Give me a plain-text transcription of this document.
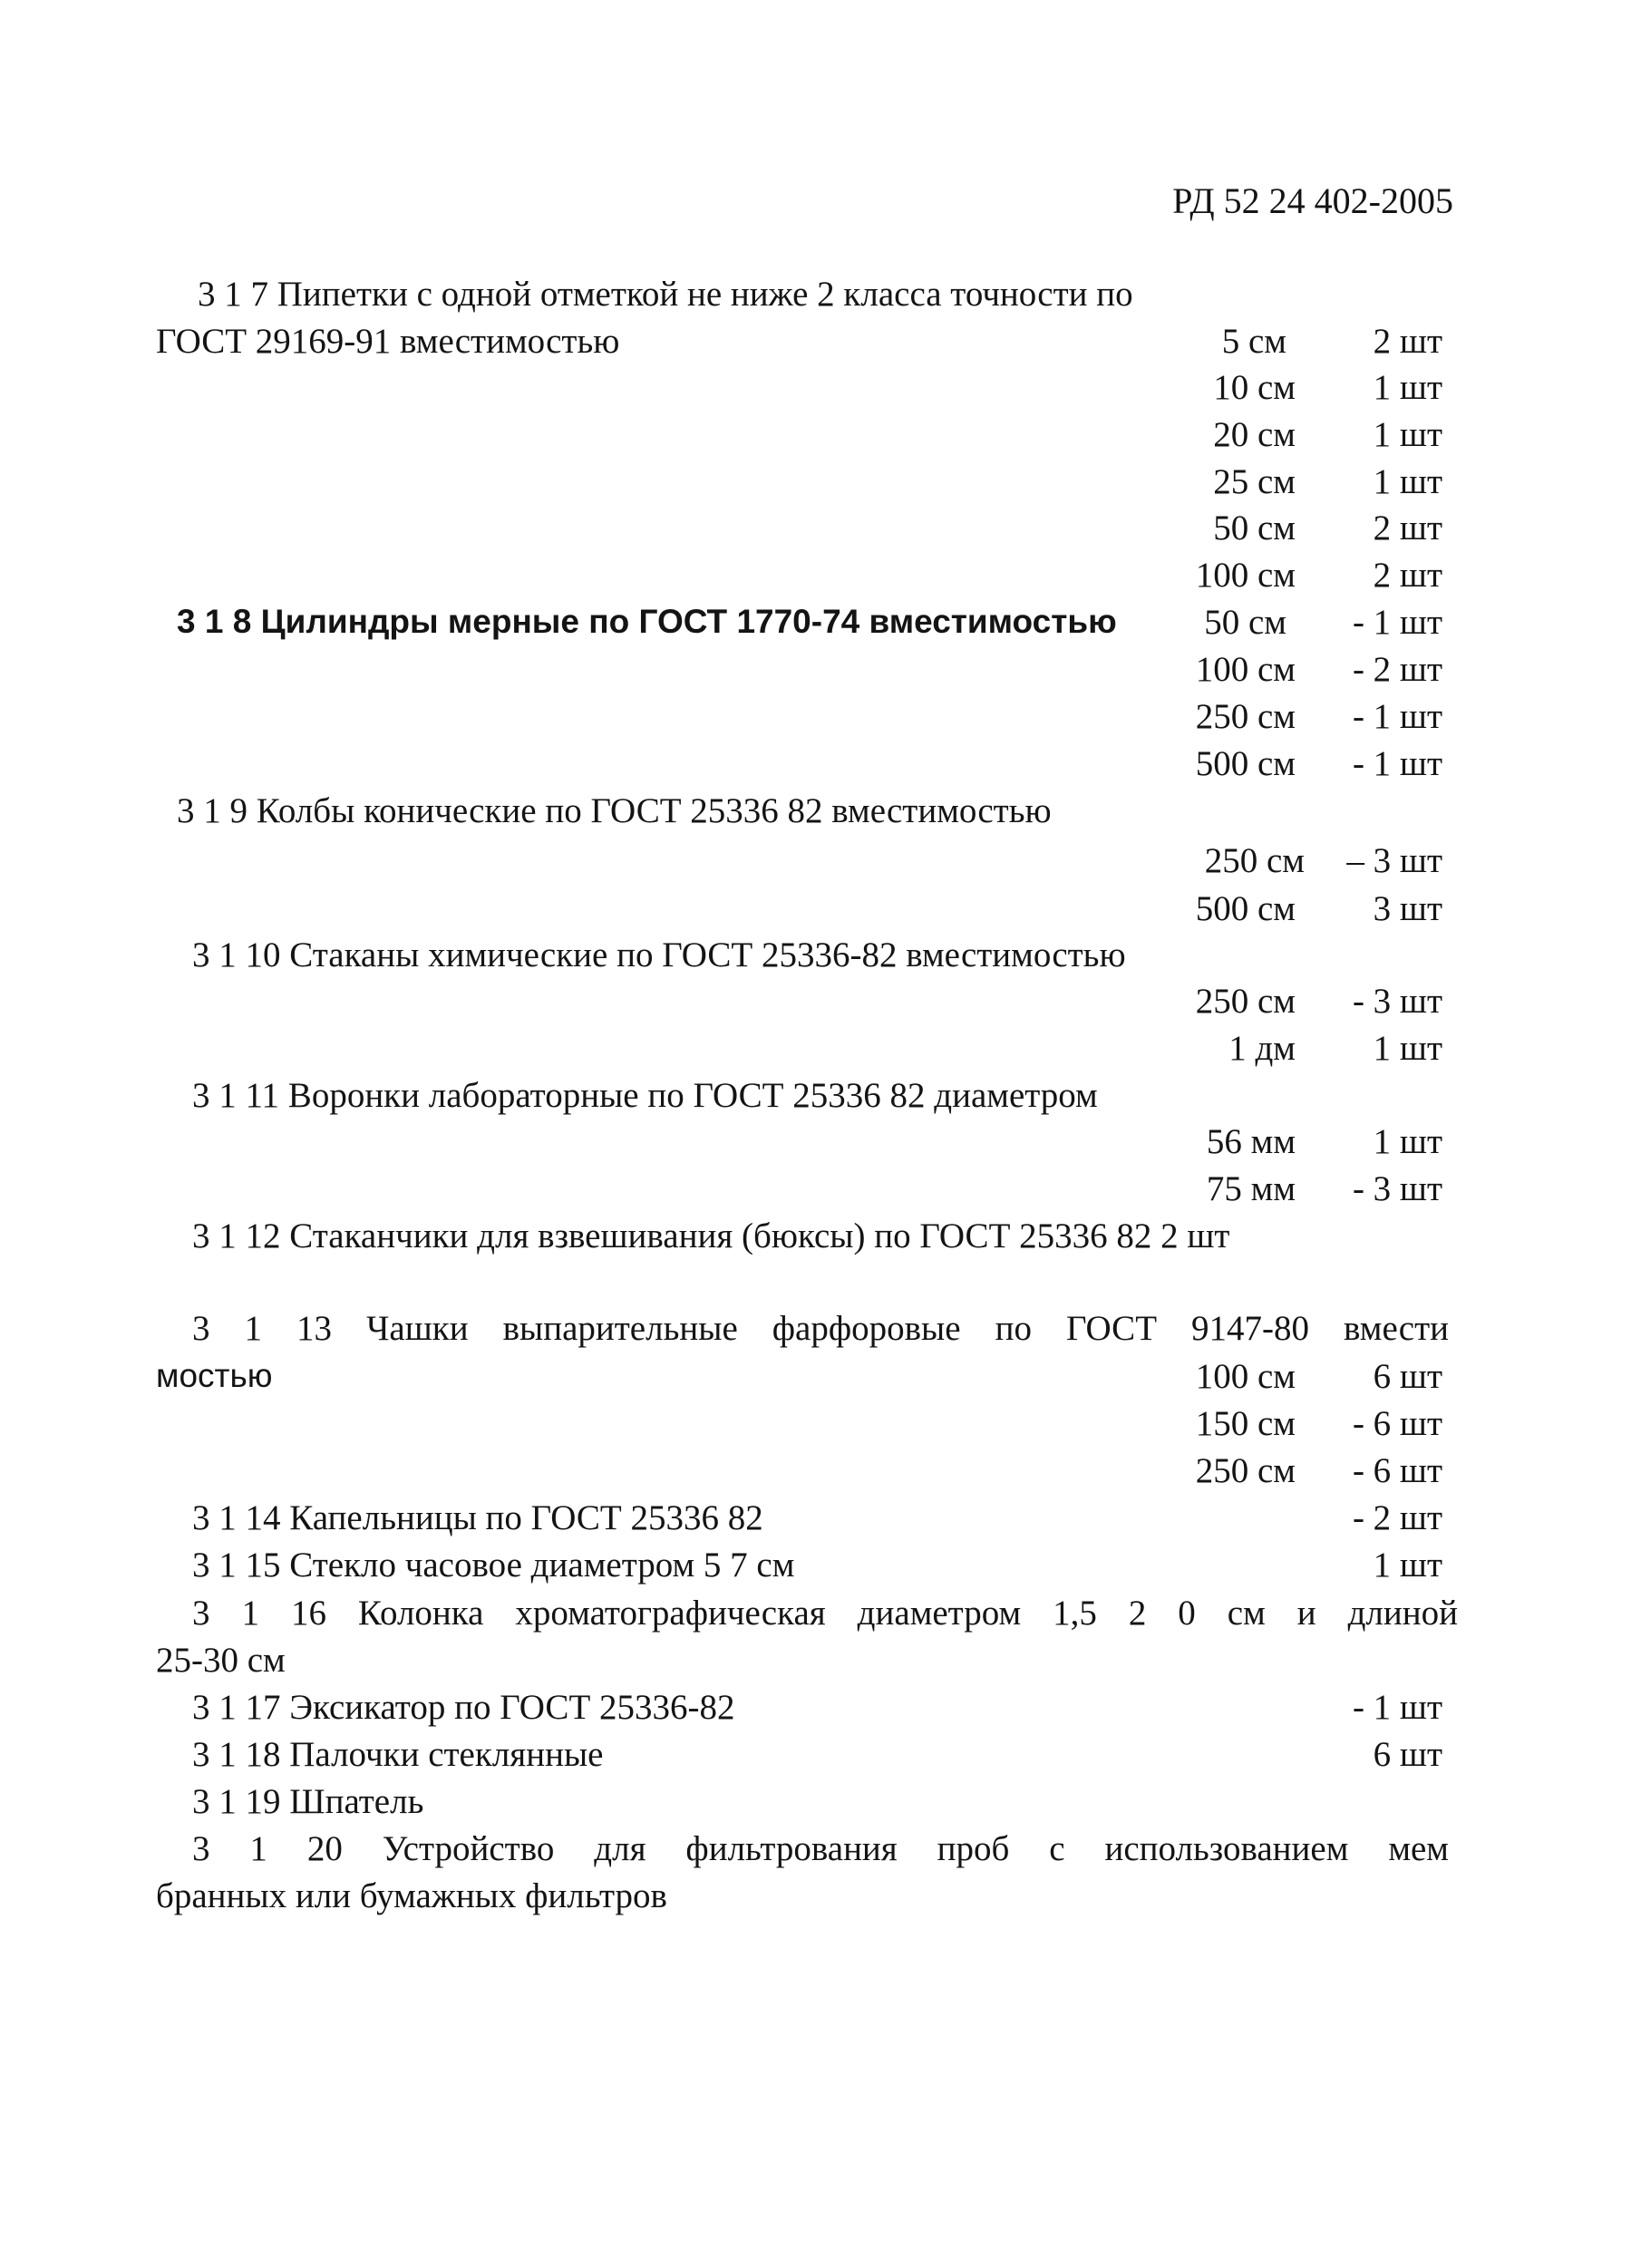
РД 52 24 402-2005
3 1 7 Пипетки с одной отметкой не ниже 2 класса точности по
ГОСТ 29169-91 вместимостью	5 см 2 шт
10 см 1 шт
20 см 1 шт
25 см 1 шт
50 см 2 шт
100 см 2 шт
3 1 8 Цилиндры мерные по ГОСТ 1770-74 вместимостью 50 см - 1 шт
100 см - 2 шт
250 см - 1 шт
500 см - 1 шт
3 1 9 Колбы конические по ГОСТ 25336 82 вместимостью
250 см – 3 шт
500 см 3 шт
3 1 10 Стаканы химические по ГОСТ 25336-82 вместимостью
250 см - 3 шт
1 дм 1 шт
3 1 11 Воронки лабораторные по ГОСТ 25336 82 диаметром
56 мм 1 шт
75 мм - 3 шт
3 1 12 Стаканчики для взвешивания (бюксы) по ГОСТ 25336 82 2 шт
3 1 13 Чашки выпарительные фарфоровые по ГОСТ 9147-80 вмести
мостью	100 см 6 шт
150 см - 6 шт
250 см - 6 шт
3 1 14 Капельницы по ГОСТ 25336 82	- 2 шт
3 1 15 Стекло часовое диаметром 5 7 см	1 шт
3 1 16 Колонка хроматографическая диаметром 1,5 2 0 см и длиной
25-30 см
3 1 17 Эксикатор по ГОСТ 25336-82	- 1 шт
3 1 18 Палочки стеклянные	6 шт
3 1 19 Шпатель
3 1 20 Устройство для фильтрования проб с использованием мем
бранных или бумажных фильтров
